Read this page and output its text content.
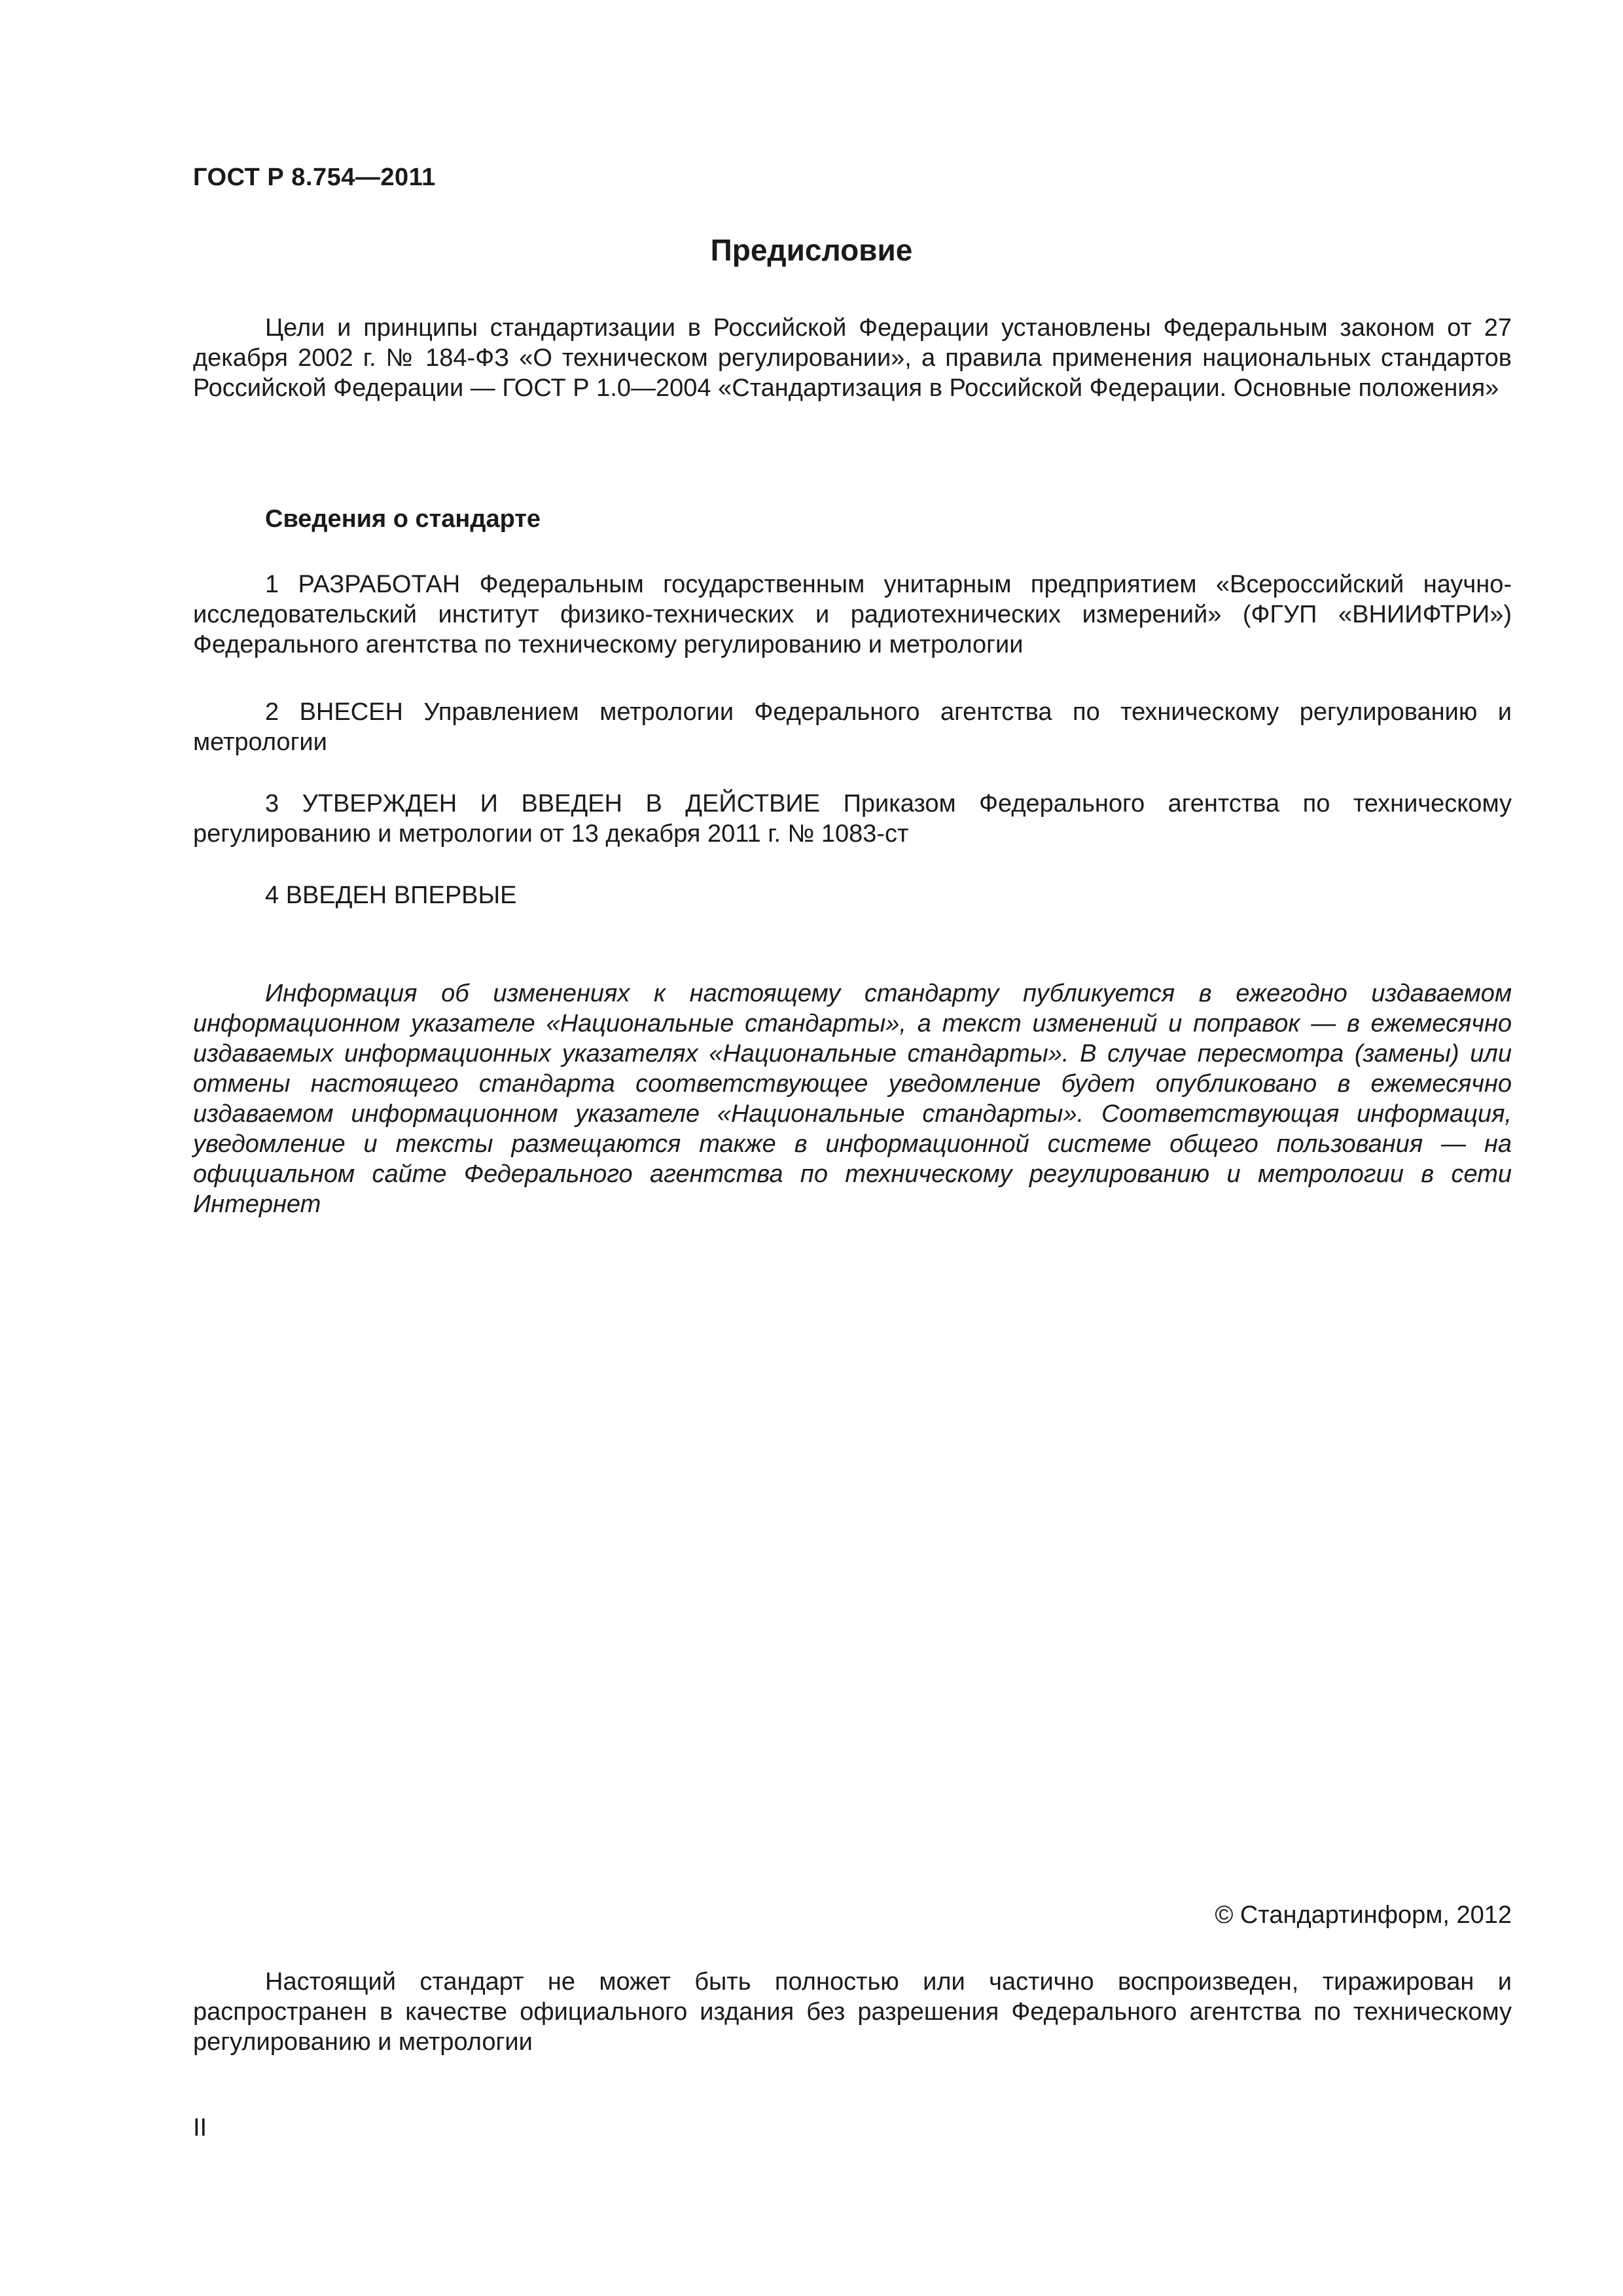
ГОСТ Р 8.754—2011
Предисловие

Цели и принципы стандартизации в Российской Федерации установлены Федеральным законом от 27 декабря 2002 г. № 184-ФЗ «О техническом регулировании», а правила применения национальных стандартов Российской Федерации — ГОСТ Р 1.0—2004 «Стандартизация в Российской Федерации. Основные положения»

Сведения о стандарте

1 РАЗРАБОТАН Федеральным государственным унитарным предприятием «Всероссийский научно-исследовательский институт физико-технических и радиотехнических измерений» (ФГУП «ВНИИФТРИ») Федерального агентства по техническому регулированию и метрологии

2 ВНЕСЕН Управлением метрологии Федерального агентства по техническому регулированию и метрологии

3 УТВЕРЖДЕН И ВВЕДЕН В ДЕЙСТВИЕ Приказом Федерального агентства по техническому регулированию и метрологии от 13 декабря 2011 г. № 1083-ст

4 ВВЕДЕН ВПЕРВЫЕ

Информация об изменениях к настоящему стандарту публикуется в ежегодно издаваемом информационном указателе «Национальные стандарты», а текст изменений и поправок — в ежемесячно издаваемых информационных указателях «Национальные стандарты». В случае пересмотра (замены) или отмены настоящего стандарта соответствующее уведомление будет опубликовано в ежемесячно издаваемом информационном указателе «Национальные стандарты». Соответствующая информация, уведомление и тексты размещаются также в информационной системе общего пользования — на официальном сайте Федерального агентства по техническому регулированию и метрологии в сети Интернет

© Стандартинформ, 2012

Настоящий стандарт не может быть полностью или частично воспроизведен, тиражирован и распространен в качестве официального издания без разрешения Федерального агентства по техническому регулированию и метрологии

II
